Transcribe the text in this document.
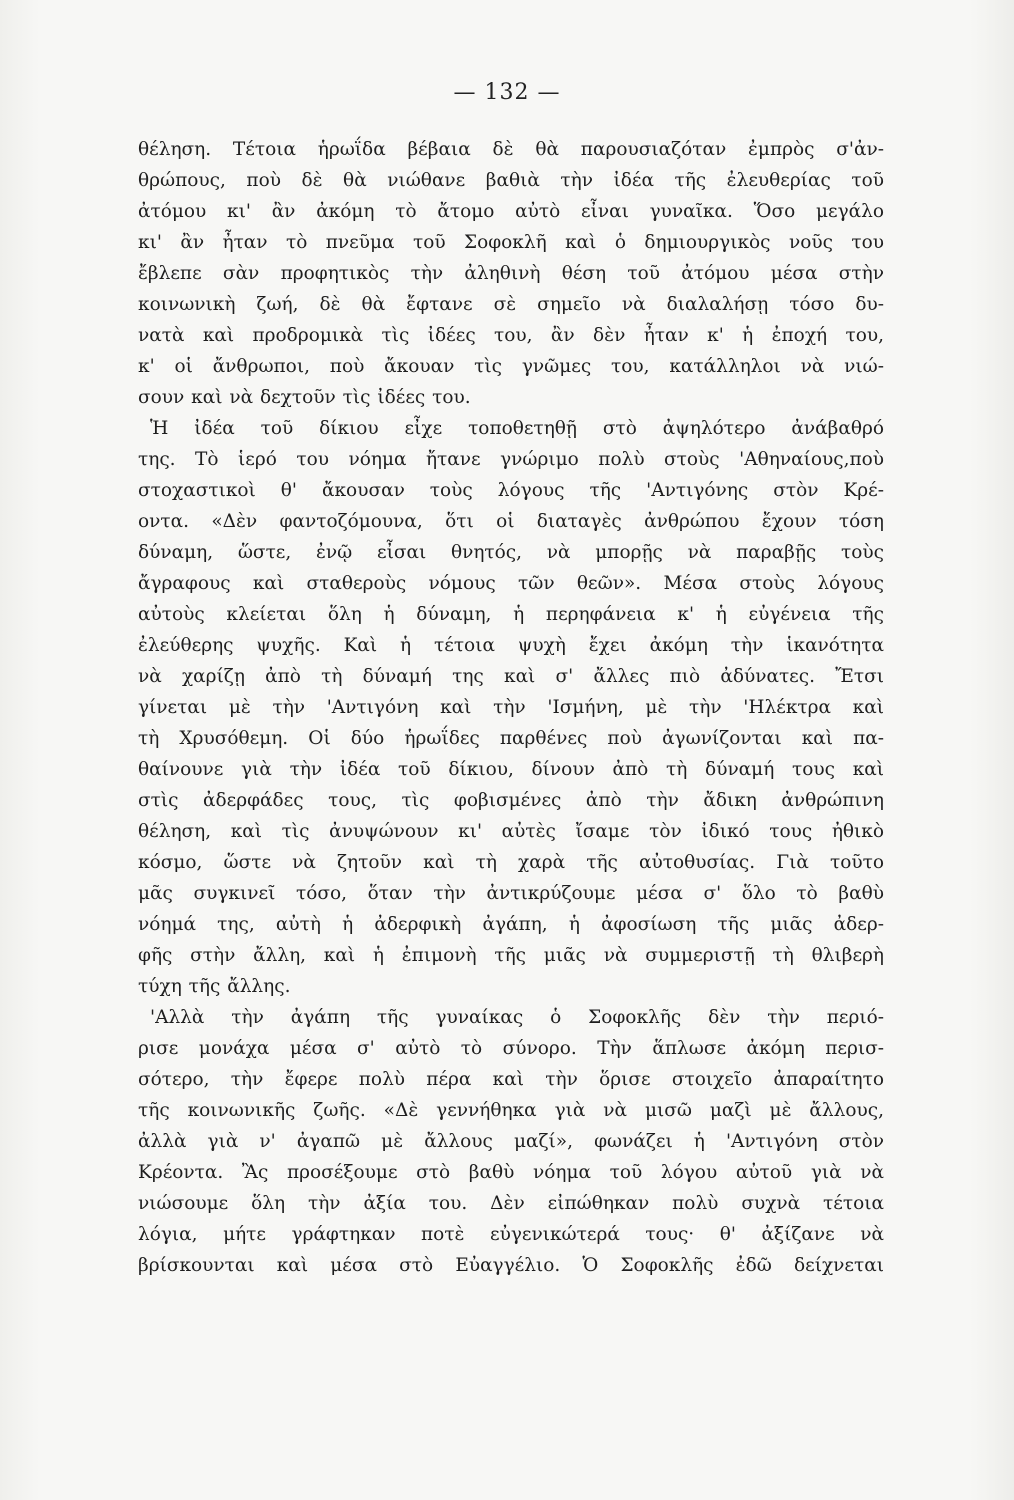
— 132 —
θέληση. Τέτοια ἡρωΐδα βέβαια δὲ θὰ παρουσιαζόταν ἐμπρὸς σ'ἀν-
θρώπους, ποὺ δὲ θὰ νιώθανε βαθιὰ τὴν ἰδέα τῆς ἐλευθερίας τοῦ
ἀτόμου κι' ἂν ἀκόμη τὸ ἄτομο αὐτὸ εἶναι γυναῖκα. Ὅσο μεγάλο
κι' ἂν ἦταν τὸ πνεῦμα τοῦ Σοφοκλῆ καὶ ὁ δημιουργικὸς νοῦς του
ἔβλεπε σὰν προφητικὸς τὴν ἀληθινὴ θέση τοῦ ἀτόμου μέσα στὴν
κοινωνικὴ ζωή, δὲ θὰ ἔφτανε σὲ σημεῖο νὰ διαλαλήσῃ τόσο δυ-
νατὰ καὶ προδρομικὰ τὶς ἰδέες του, ἂν δὲν ἦταν κ' ἡ ἐποχή του,
κ' οἱ ἄνθρωποι, ποὺ ἄκουαν τὶς γνῶμες του, κατάλληλοι νὰ νιώ-
σουν καὶ νὰ δεχτοῦν τὶς ἰδέες του.
Ἡ ἰδέα τοῦ δίκιου εἶχε τοποθετηθῇ στὸ ἀψηλότερο ἀνάβαθρό
της. Τὸ ἱερό του νόημα ἤτανε γνώριμο πολὺ στοὺς 'Αθηναίους,ποὺ
στοχαστικοὶ θ' ἄκουσαν τοὺς λόγους τῆς 'Αντιγόνης στὸν Κρέ-
οντα. «Δὲν φαντοζόμουνα, ὅτι οἱ διαταγὲς ἀνθρώπου ἔχουν τόση
δύναμη, ὥστε, ἐνῷ εἶσαι θνητός, νὰ μπορῇς νὰ παραβῇς τοὺς
ἄγραφους καὶ σταθεροὺς νόμους τῶν θεῶν». Μέσα στοὺς λόγους
αὐτοὺς κλείεται ὅλη ἡ δύναμη, ἡ περηφάνεια κ' ἡ εὐγένεια τῆς
ἐλεύθερης ψυχῆς. Καὶ ἡ τέτοια ψυχὴ ἔχει ἀκόμη τὴν ἱκανότητα
νὰ χαρίζῃ ἀπὸ τὴ δύναμή της καὶ σ' ἄλλες πιὸ ἀδύνατες. Ἔτσι
γίνεται μὲ τὴν 'Αντιγόνη καὶ τὴν 'Ισμήνη, μὲ τὴν 'Ηλέκτρα καὶ
τὴ Χρυσόθεμη. Οἱ δύο ἡρωΐδες παρθένες ποὺ ἀγωνίζονται καὶ πα-
θαίνουνε γιὰ τὴν ἰδέα τοῦ δίκιου, δίνουν ἀπὸ τὴ δύναμή τους καὶ
στὶς ἀδερφάδες τους, τὶς φοβισμένες ἀπὸ τὴν ἄδικη ἀνθρώπινη
θέληση, καὶ τὶς ἀνυψώνουν κι' αὐτὲς ἴσαμε τὸν ἰδικό τους ἠθικὸ
κόσμο, ὥστε νὰ ζητοῦν καὶ τὴ χαρὰ τῆς αὐτοθυσίας. Γιὰ τοῦτο
μᾶς συγκινεῖ τόσο, ὅταν τὴν ἀντικρύζουμε μέσα σ' ὅλο τὸ βαθὺ
νόημά της, αὐτὴ ἡ ἀδερφικὴ ἀγάπη, ἡ ἀφοσίωση τῆς μιᾶς ἀδερ-
φῆς στὴν ἄλλη, καὶ ἡ ἐπιμονὴ τῆς μιᾶς νὰ συμμεριστῇ τὴ θλιβερὴ
τύχη τῆς ἄλλης.
'Αλλὰ τὴν ἀγάπη τῆς γυναίκας ὁ Σοφοκλῆς δὲν τὴν περιό-
ρισε μονάχα μέσα σ' αὐτὸ τὸ σύνορο. Τὴν ἅπλωσε ἀκόμη περισ-
σότερο, τὴν ἔφερε πολὺ πέρα καὶ τὴν ὅρισε στοιχεῖο ἀπαραίτητο
τῆς κοινωνικῆς ζωῆς. «Δὲ γεννήθηκα γιὰ νὰ μισῶ μαζὶ μὲ ἄλλους,
ἀλλὰ γιὰ ν' ἀγαπῶ μὲ ἄλλους μαζί», φωνάζει ἡ 'Αντιγόνη στὸν
Κρέοντα. Ἂς προσέξουμε στὸ βαθὺ νόημα τοῦ λόγου αὐτοῦ γιὰ νὰ
νιώσουμε ὅλη τὴν ἀξία του. Δὲν εἰπώθηκαν πολὺ συχνὰ τέτοια
λόγια, μήτε γράφτηκαν ποτὲ εὐγενικώτερά τους· θ' ἀξίζανε νὰ
βρίσκουνται καὶ μέσα στὸ Εὐαγγέλιο. Ὁ Σοφοκλῆς ἐδῶ δείχνεται
